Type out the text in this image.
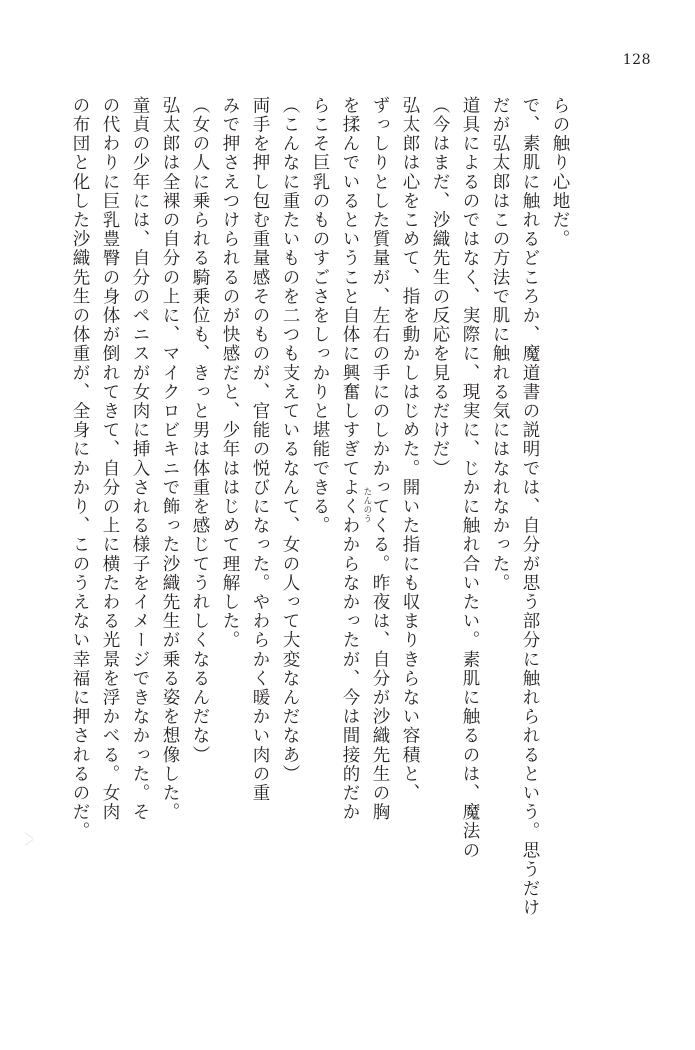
128
の布団と化した沙織先生の体重が、全身にかかり、このうえない幸福に押されるのだ。 の代わりに巨乳豊臀の身体が倒れてきて、自分の上に横たわる光景を浮かべる。女肉 童貞の少年には、自分のペニスが女肉に挿入される様子をイメージできなかった。そ 弘太郎は全裸の自分の上に、マイクロビキニで飾った沙織先生が乗る姿を想像した。 （女の人に乗られる騎乗位も、きっと男は体重を感じてうれしくなるんだな） みで押さえつけられるのが快感だと、少年ははじめて理解した。 両手を押し包む重量感そのものが、官能の悦びになった。やわらかく暖かい肉の重 （こんなに重たいものを二つも支えているなんて、女の人って大変なんだなあ） らこそ巨乳のものすごさをしっかりと堪能できる。 を揉んでいるということ自体に興奮しすぎてよくわからなかったが、今は間接的だか ずっしりとした質量が、左右の手にのしかかってくる。昨夜は、自分が沙織先生の胸 弘太郎は心をこめて、指を動かしはじめた。開いた指にも収まりきらない容積と、 （今はまだ、沙織先生の反応を見るだけだ） 道具によるのではなく、実際に、現実に、じかに触れ合いたい。素肌に触るのは、魔法の だが弘太郎はこの方法で肌に触れる気にはなれなかった。 で、素肌に触れるどころか、魔道書の説明では、自分が思う部分に触れられるという。思うだけ らの触り心地だ。
たんのう
